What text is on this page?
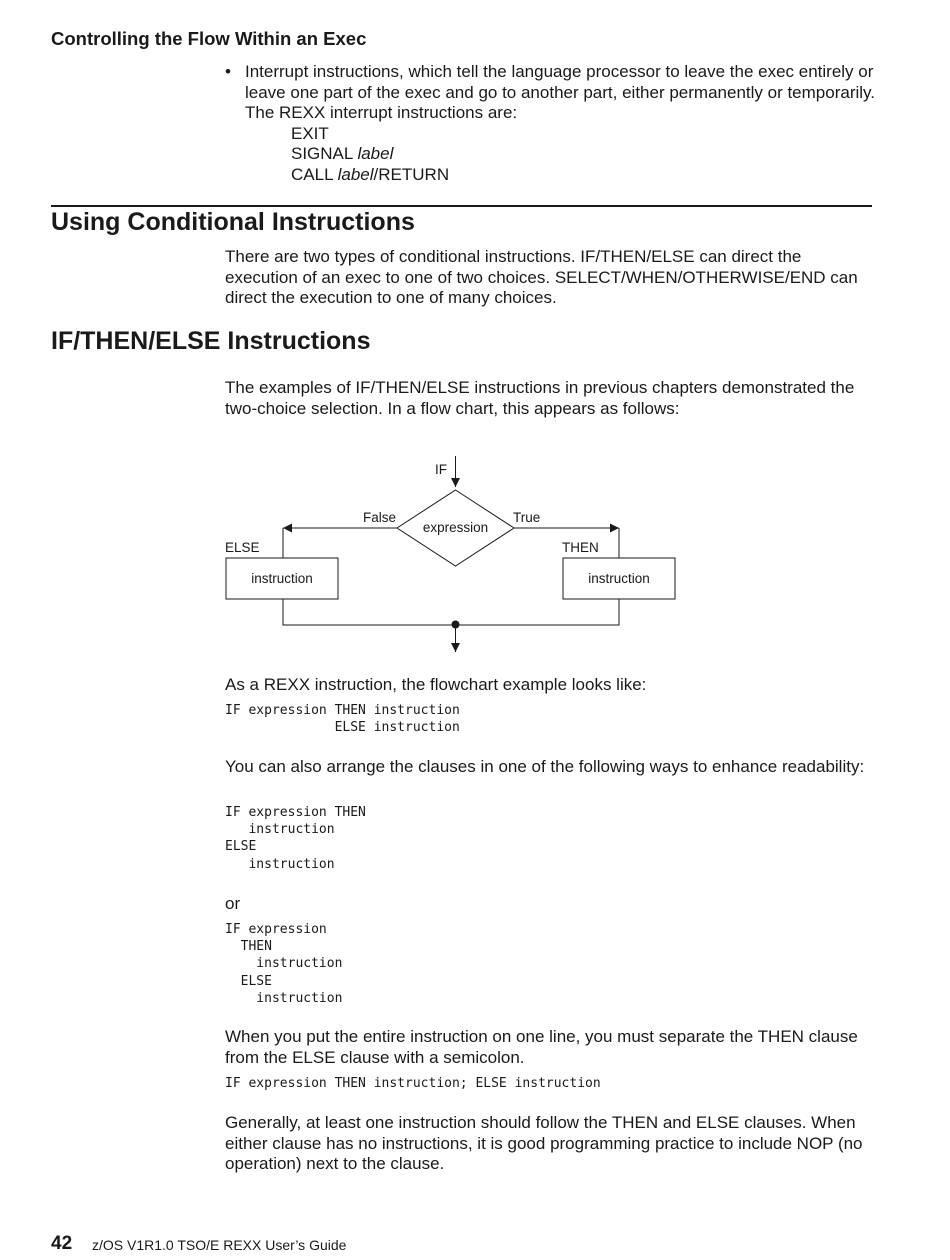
Controlling the Flow Within an Exec
• Interrupt instructions, which tell the language processor to leave the exec entirely or leave one part of the exec and go to another part, either permanently or temporarily. The REXX interrupt instructions are:
EXIT
SIGNAL label
CALL label/RETURN
Using Conditional Instructions
There are two types of conditional instructions. IF/THEN/ELSE can direct the execution of an exec to one of two choices. SELECT/WHEN/OTHERWISE/END can direct the execution to one of many choices.
IF/THEN/ELSE Instructions
The examples of IF/THEN/ELSE instructions in previous chapters demonstrated the two-choice selection. In a flow chart, this appears as follows:
IF
expression
False	True
ELSE	THEN
instruction	instruction
As a REXX instruction, the flowchart example looks like:
IF expression THEN instruction
ELSE instruction
You can also arrange the clauses in one of the following ways to enhance readability:
IF expression THEN
instruction
ELSE
instruction
or
IF expression
THEN
instruction
ELSE
instruction
When you put the entire instruction on one line, you must separate the THEN clause from the ELSE clause with a semicolon.
IF expression THEN instruction; ELSE instruction
Generally, at least one instruction should follow the THEN and ELSE clauses. When either clause has no instructions, it is good programming practice to include NOP (no operation) next to the clause.
42 z/OS V1R1.0 TSO/E REXX User’s Guide
